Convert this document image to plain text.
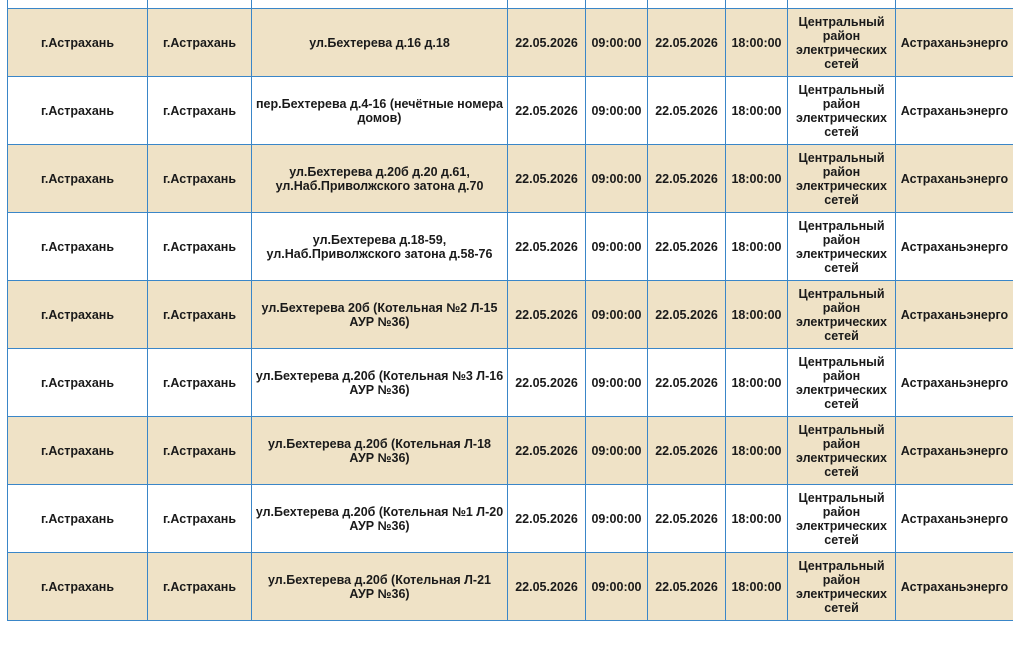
г.Астрахань	г.Астрахань	ул.Бехтерева д.16 д.18	22.05.2026	09:00:00	22.05.2026	18:00:00	Центральный район электрических сетей	Астраханьэнерго
г.Астрахань	г.Астрахань	пер.Бехтерева д.4-16 (нечётные номера домов)	22.05.2026	09:00:00	22.05.2026	18:00:00	Центральный район электрических сетей	Астраханьэнерго
г.Астрахань	г.Астрахань	ул.Бехтерева д.20б д.20 д.61, ул.Наб.Приволжского затона д.70	22.05.2026	09:00:00	22.05.2026	18:00:00	Центральный район электрических сетей	Астраханьэнерго
г.Астрахань	г.Астрахань	ул.Бехтерева д.18-59, ул.Наб.Приволжского затона д.58-76	22.05.2026	09:00:00	22.05.2026	18:00:00	Центральный район электрических сетей	Астраханьэнерго
г.Астрахань	г.Астрахань	ул.Бехтерева 20б (Котельная №2 Л-15 АУР №36)	22.05.2026	09:00:00	22.05.2026	18:00:00	Центральный район электрических сетей	Астраханьэнерго
г.Астрахань	г.Астрахань	ул.Бехтерева д.20б (Котельная №3 Л-16 АУР №36)	22.05.2026	09:00:00	22.05.2026	18:00:00	Центральный район электрических сетей	Астраханьэнерго
г.Астрахань	г.Астрахань	ул.Бехтерева д.20б (Котельная Л-18 АУР №36)	22.05.2026	09:00:00	22.05.2026	18:00:00	Центральный район электрических сетей	Астраханьэнерго
г.Астрахань	г.Астрахань	ул.Бехтерева д.20б (Котельная №1 Л-20 АУР №36)	22.05.2026	09:00:00	22.05.2026	18:00:00	Центральный район электрических сетей	Астраханьэнерго
г.Астрахань	г.Астрахань	ул.Бехтерева д.20б (Котельная Л-21 АУР №36)	22.05.2026	09:00:00	22.05.2026	18:00:00	Центральный район электрических сетей	Астраханьэнерго
